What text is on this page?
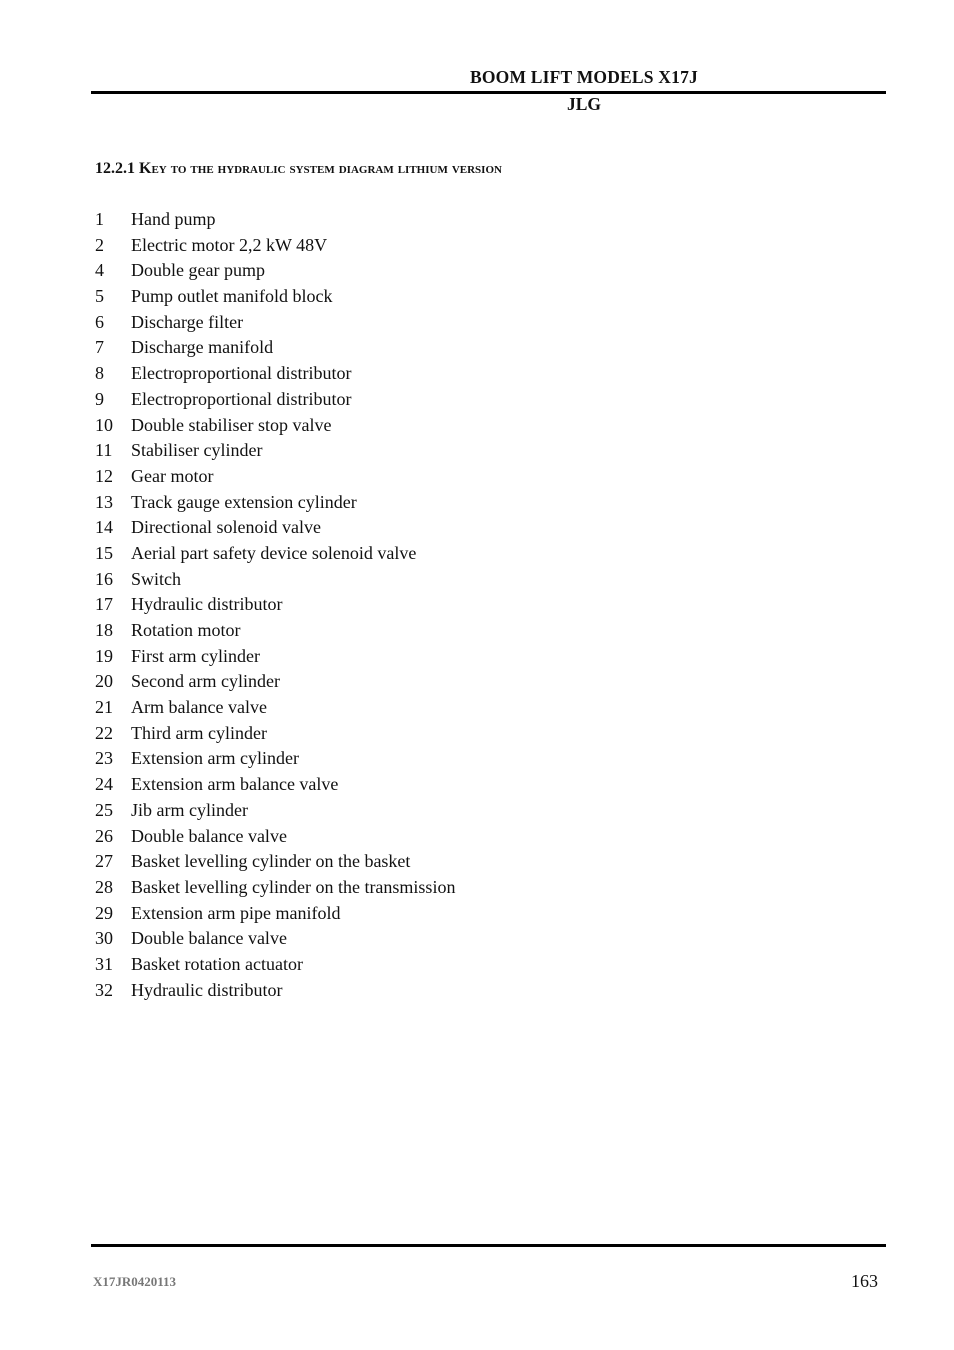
BOOM LIFT MODELS X17J
JLG
12.2.1 Key to the hydraulic system diagram lithium version
1	Hand pump
2	Electric motor 2,2 kW 48V
4	Double gear pump
5	Pump outlet manifold block
6	Discharge filter
7	Discharge manifold
8	Electroproportional distributor
9	Electroproportional distributor
10	Double stabiliser stop valve
11	Stabiliser cylinder
12	Gear motor
13	Track gauge extension cylinder
14	Directional solenoid valve
15	Aerial part safety device solenoid valve
16	Switch
17	Hydraulic distributor
18	Rotation motor
19	First arm cylinder
20	Second arm cylinder
21	Arm balance valve
22	Third arm cylinder
23	Extension arm cylinder
24	Extension arm balance valve
25	Jib arm cylinder
26	Double balance valve
27	Basket levelling cylinder on the basket
28	Basket levelling cylinder on the transmission
29	Extension arm pipe manifold
30	Double balance valve
31	Basket rotation actuator
32	Hydraulic distributor
X17JR0420113	163
